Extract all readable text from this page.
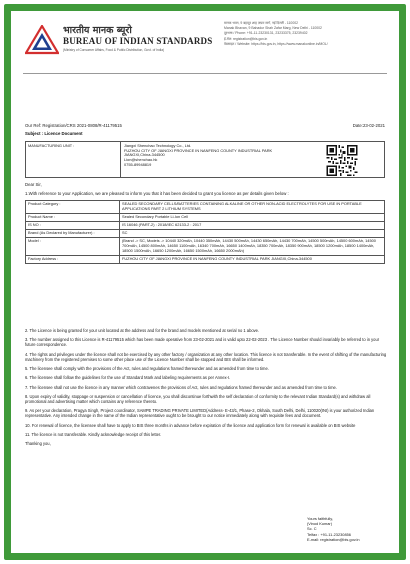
भारतीय मानक ब्यूरो
BUREAU OF INDIAN STANDARDS
(Ministry of Consumer Affairs, Food & Public Distribution, Govt. of India)
मानक भवन, 9 बहादुर शाह ज़फ़र मार्ग, नई दिल्ली - 110002
Manak Bhavan, 9 Bahadur Shah Zafar Marg, New Delhi - 110002
दूरभाष / Phone: +91-11-23230131, 23233375, 23239402
ई-मेल: registration@bis.gov.in
वेबसाइट / Website: https://bis.gov.in, https://www.manakonline.in/MOL/
Our Ref: Registration/CRS 2021-0808/R-41179515	Date:23-02-2021
Subject : Licence Document
MANUFACTURING UNIT :	Jiangxi Shenchao Technology Co., Ltd.
FUZHOU CITY OF JIANGXI PROVINCE IN NANFENG COUNTY INDUSTRIAL PARK
JIANGXI,China-344500
Lion@shenchao.hk
0755-89948819
Dear Sir,
1.With reference to your Application, we are pleased to inform you that it has been decided to grant you licence as per details given below :
Product Category :	SEALED SECONDARY CELLS/BATTERIES CONTAINING ALKALINE OR OTHER NON-ACID ELECTROLYTES FOR USE IN PORTABLE APPLICATIONS PART 2 LITHIUM SYSTEMS
Product Name :	Sealed Secondary Portable Li-Ion Cell
IS NO :	IS 16046 (PART-2) : 2018/IEC 62133-2 : 2017
Brand (As Declared by Manufacturer) :	SC
Model :	(Brand -> SC, Models -> 10440 320mAh, 10440 350mAh, 14430 500mAh, 14430 650mAh, 14430 700mAh, 14500 500mAh, 14500 600mAh, 14500 700mAh, 14500 800mAh, 14650 1100mAh, 16340 700mAh, 16650 1400mAh, 18350 700mAh, 18350 900mAh, 18500 1200mAh, 18500 1400mAh, 18500 1500mAh, 16650 1200mAh, 16650 1500mAh, 16650 2000mAh)
Factory Address :	FUZHOU CITY OF JIANGXI PROVINCE IN NANFENG COUNTY INDUSTRIAL PARK JIANGXI,China-344500
2. The Licence is being granted for your unit located at the address and for the brand and models mentioned at serial no 1 above.
3. The number assigned to this Licence is R-41179515 which has been made operative from 23-02-2021 and is valid upto 22-02-2023 . The Licence Number should invariably be referred to in your future correspondence.
4. The rights and privileges under the licence shall not be exercised by any other factory / organization at any other location. This licence is not transferable. In the event of shifting of the manufacturing machinery from the registered premises to some other place use of the Licence Number shall be stopped and BIS shall be informed.
5. The licensee shall comply with the provisions of the Act, rules and regulations framed thereunder and as amended from time to time.
6. The licensee shall follow the guidelines for the use of Standard Mark and labeling requirements as per Annex-I.
7. The licensee shall not use the licence in any manner which contravenes the provisions of Act, rules and regulations framed thereunder and as amended from time to time.
8. Upon expiry of validity, stoppage or suspension or cancellation of licence, you shall discontinue forthwith the self declaration of conformity to the relevant Indian Standard(s) and withdraw all promotional and advertising matter which contains any reference thereto.
9. As per your declaration, Pragya Singh, Project coordinator, SAMPE TRADING PRIVATE LIMITED(Address- E-43/1, Phase-2, Okhala, South Delhi, Delhi, 110020(INI) is your authorized Indian representative. Any intended change in the name of the Indian representative ought to be brought to our notice immediately along with requisite fees and document.
10. For renewal of licence, the licensee shall have to apply to BIS three months in advance before expiration of the licence and application form for renewal is available on BIS website
11. The licence is not transferable. Kindly acknowledge receipt of this letter.
Thanking you,
Yours faithfully,
(Vinod Kumar)
Sc. C
Telfax : +91-11-23230856
E-mail: registration@bis.gov.in
